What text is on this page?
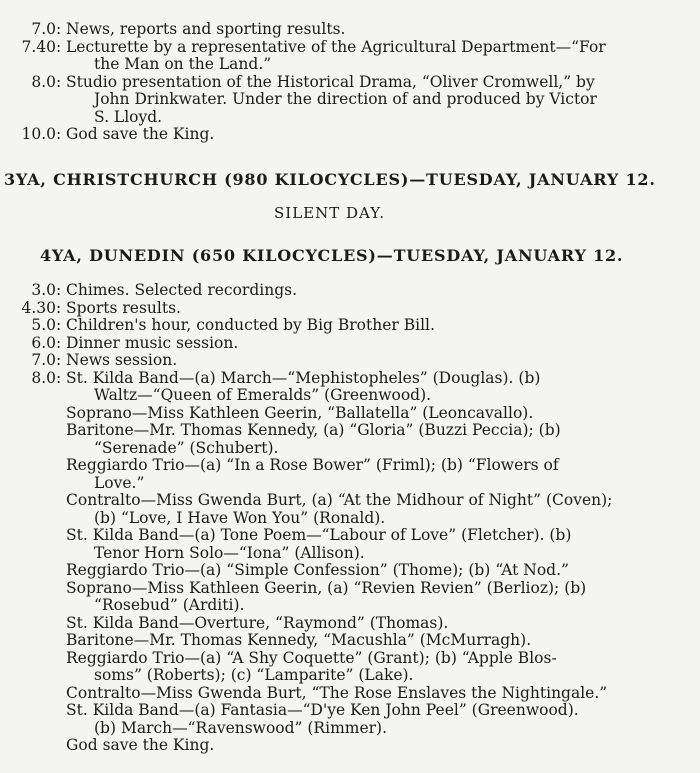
7.0 : News, reports and sporting results.
7.40 : Lecturette by a representative of the Agricultural Department—“For
the Man on the Land.”
8.0 : Studio presentation of the Historical Drama, “Oliver Cromwell,” by
John Drinkwater. Under the direction of and produced by Victor
S. Lloyd.
10.0 : God save the King.
3YA, CHRISTCHURCH (980 KILOCYCLES)—TUESDAY, JANUARY 12.
SILENT DAY.
4YA, DUNEDIN (650 KILOCYCLES)—TUESDAY, JANUARY 12.
3.0 : Chimes. Selected recordings.
4.30 : Sports results.
5.0 : Children's hour, conducted by Big Brother Bill.
6.0 : Dinner music session.
7.0 : News session.
8.0 : St. Kilda Band—(a) March—“Mephistopheles” (Douglas). (b)
Waltz—“Queen of Emeralds” (Greenwood).
Soprano—Miss Kathleen Geerin, “Ballatella” (Leoncavallo).
Baritone—Mr. Thomas Kennedy, (a) “Gloria” (Buzzi Peccia); (b)
“Serenade” (Schubert).
Reggiardo Trio—(a) “In a Rose Bower” (Friml); (b) “Flowers of
Love.”
Contralto—Miss Gwenda Burt, (a) “At the Midhour of Night” (Coven);
(b) “Love, I Have Won You” (Ronald).
St. Kilda Band—(a) Tone Poem—“Labour of Love” (Fletcher). (b)
Tenor Horn Solo—“Iona” (Allison).
Reggiardo Trio—(a) “Simple Confession” (Thome); (b) “At Nod.”
Soprano—Miss Kathleen Geerin, (a) “Revien Revien” (Berlioz); (b)
“Rosebud” (Arditi).
St. Kilda Band—Overture, “Raymond” (Thomas).
Baritone—Mr. Thomas Kennedy, “Macushla” (McMurragh).
Reggiardo Trio—(a) “A Shy Coquette” (Grant); (b) “Apple Blos-
soms” (Roberts); (c) “Lamparite” (Lake).
Contralto—Miss Gwenda Burt, “The Rose Enslaves the Nightingale.”
St. Kilda Band—(a) Fantasia—“D'ye Ken John Peel” (Greenwood).
(b) March—“Ravenswood” (Rimmer).
God save the King.
